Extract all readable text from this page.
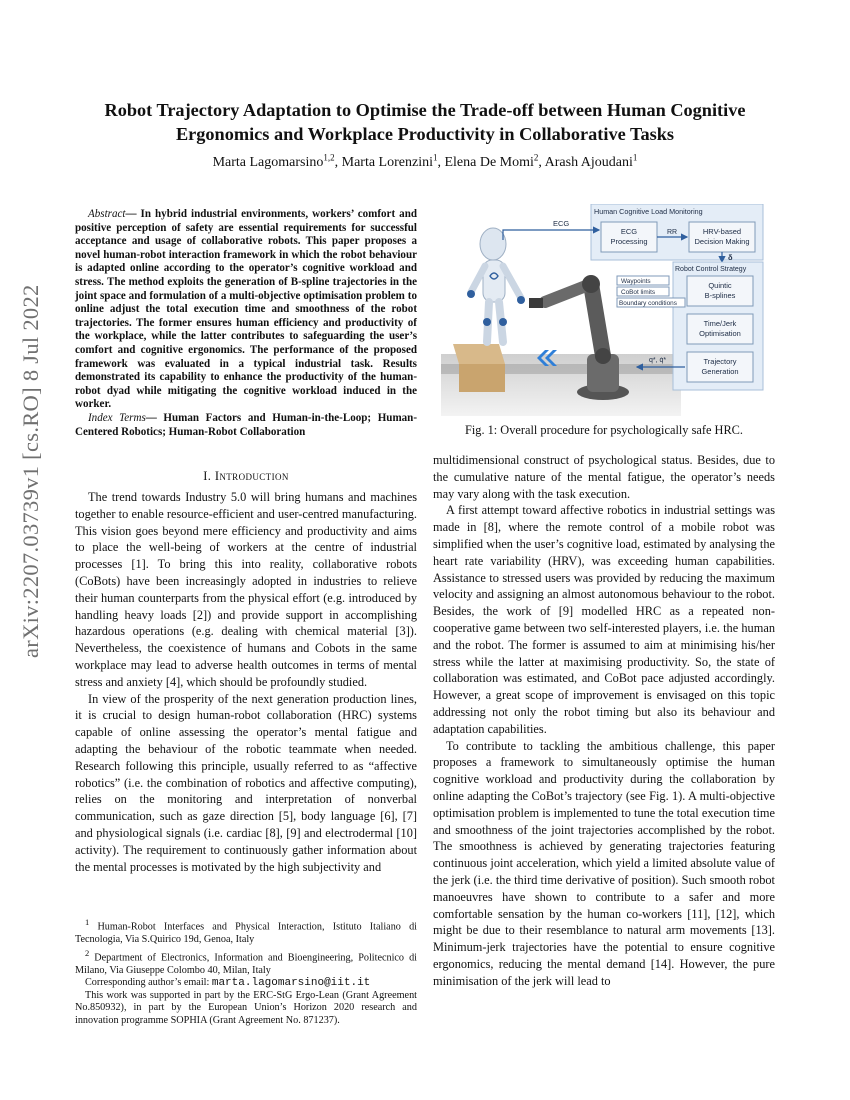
Robot Trajectory Adaptation to Optimise the Trade-off between Human Cognitive
Ergonomics and Workplace Productivity in Collaborative Tasks
Marta Lagomarsino$^{1,2}$, Marta Lorenzini$^1$, Elena De Momi$^2$, Arash Ajoudani$^1$
arXiv:2207.03739v1 [cs.RO] 8 Jul 2022
Abstract— In hybrid industrial environments, workers’ comfort and positive perception of safety are essential requirements for successful acceptance and usage of collaborative robots. This paper proposes a novel human-robot interaction framework in which the robot behaviour is adapted online according to the operator’s cognitive workload and stress. The method exploits the generation of B-spline trajectories in the joint space and formulation of a multi-objective optimisation problem to online adjust the total execution time and smoothness of the robot trajectories. The former ensures human efficiency and productivity of the workplace, while the latter contributes to safeguarding the user’s comfort and cognitive ergonomics. The performance of the proposed framework was evaluated in a typical industrial task. Results demonstrated its capability to enhance the productivity of the human-robot dyad while mitigating the cognitive workload induced in the worker.
Index Terms— Human Factors and Human-in-the-Loop; Human-Centered Robotics; Human-Robot Collaboration
I. Introduction

The trend towards Industry 5.0 will bring humans and machines together to enable resource-efficient and user-centred manufacturing. This vision goes beyond mere efficiency and productivity and aims to place the well-being of workers at the centre of industrial processes [1]. To bring this into reality, collaborative robots (CoBots) have been increasingly adopted in industries to relieve their human counterparts from the physical effort (e.g. introduced by handling heavy loads [2]) and provide support in accomplishing hazardous operations (e.g. dealing with chemical material [3]). Nevertheless, the coexistence of humans and Cobots in the same workplace may lead to adverse health outcomes in terms of mental stress and anxiety [4], which should be profoundly studied.

In view of the prosperity of the next generation production lines, it is crucial to design human-robot collaboration (HRC) systems capable of online assessing the operator’s mental fatigue and adapting the behaviour of the robotic teammate when needed. Research following this principle, usually referred to as “affective robotics” (i.e. the combination of robotics and affective computing), relies on the monitoring and interpretation of nonverbal communication, such as gaze direction [5], body language [6], [7] and physiological signals (i.e. cardiac [8], [9] and electrodermal [10] activity). The requirement to continuously gather information about the mental processes is motivated by the high subjectivity and

$^1$ Human-Robot Interfaces and Physical Interaction, Istituto Italiano di Tecnologia, Via S.Quirico 19d, Genoa, Italy

$^2$ Department of Electronics, Information and Bioengineering, Politecnico di Milano, Via Giuseppe Colombo 40, Milan, Italy

Corresponding author’s email: marta.lagomarsino@iit.it

This work was supported in part by the ERC-StG Ergo-Lean (Grant Agreement No.850932), in part by the European Union’s Horizon 2020 research and innovation programme SOPHIA (Grant Agreement No. 871237).

Human Cognitive Load Monitoring
ECG
Processing
HRV-based
Decision Making
RR
ECG
δ
Robot Control Strategy
Quintic
B-splines
Time/Jerk
Optimisation
Trajectory
Generation
Waypoints
CoBot limits
Boundary conditions
q*, q̇*
Fig. 1: Overall procedure for psychologically safe HRC.

multidimensional construct of psychological status. Besides, due to the cumulative nature of the mental fatigue, the operator’s needs may vary along with the task execution.

A first attempt toward affective robotics in industrial settings was made in [8], where the remote control of a mobile robot was simplified when the user’s cognitive load, estimated by analysing the heart rate variability (HRV), was exceeding human capabilities. Assistance to stressed users was provided by reducing the maximum velocity and assigning an almost autonomous behaviour to the robot. Besides, the work of [9] modelled HRC as a repeated non-cooperative game between two self-interested players, i.e. the human and the robot. The former is assumed to aim at minimising his/her stress while the latter at maximising productivity. So, the state of collaboration was estimated, and CoBot pace adjusted accordingly. However, a great scope of improvement is envisaged on this topic addressing not only the robot timing but also its behaviour and adaptation capabilities.

To contribute to tackling the ambitious challenge, this paper proposes a framework to simultaneously optimise the human cognitive workload and productivity during the collaboration by online adapting the CoBot’s trajectory (see Fig. 1). A multi-objective optimisation problem is implemented to tune the total execution time and smoothness of the joint trajectories accomplished by the robot. The smoothness is achieved by generating trajectories featuring continuous joint acceleration, which yield a limited absolute value of the jerk (i.e. the third time derivative of position). Such smooth robot manoeuvres have shown to contribute to a safer and more comfortable sensation by the human co-workers [11], [12], which might be due to their resemblance to natural arm movements [13]. Minimum-jerk trajectories have the potential to ensure cognitive ergonomics, reducing the mental demand [14]. However, the pure minimisation of the jerk will lead to
